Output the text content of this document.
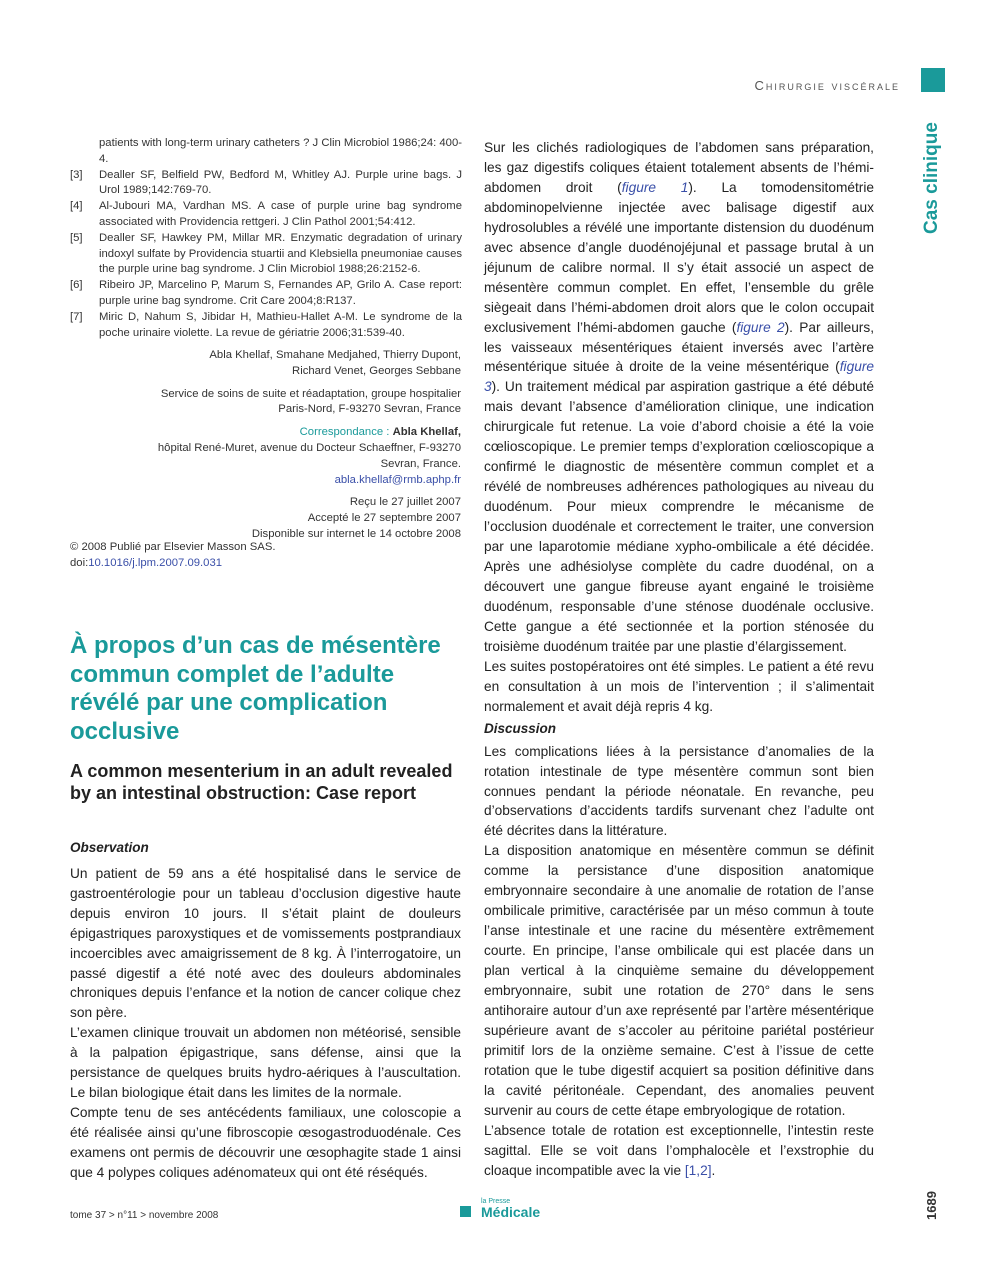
Chirurgie viscérale
Cas clinique
1689
patients with long-term urinary catheters ? J Clin Microbiol 1986;24: 400-4.
[3]	Dealler SF, Belfield PW, Bedford M, Whitley AJ. Purple urine bags. J Urol 1989;142:769-70.
[4]	Al-Jubouri MA, Vardhan MS. A case of purple urine bag syndrome associated with Providencia rettgeri. J Clin Pathol 2001;54:412.
[5]	Dealler SF, Hawkey PM, Millar MR. Enzymatic degradation of urinary indoxyl sulfate by Providencia stuartii and Klebsiella pneumoniae causes the purple urine bag syndrome. J Clin Microbiol 1988;26:2152-6.
[6]	Ribeiro JP, Marcelino P, Marum S, Fernandes AP, Grilo A. Case report: purple urine bag syndrome. Crit Care 2004;8:R137.
[7]	Miric D, Nahum S, Jibidar H, Mathieu-Hallet A-M. Le syndrome de la poche urinaire violette. La revue de gériatrie 2006;31:539-40.

Abla Khellaf, Smahane Medjahed, Thierry Dupont,
Richard Venet, Georges Sebbane

Service de soins de suite et réadaptation, groupe hospitalier
Paris-Nord, F-93270 Sevran, France

Correspondance : Abla Khellaf,
hôpital René-Muret, avenue du Docteur Schaeffner, F-93270
Sevran, France.
abla.khellaf@rmb.aphp.fr

Reçu le 27 juillet 2007
Accepté le 27 septembre 2007
Disponible sur internet le 14 octobre 2008

© 2008 Publié par Elsevier Masson SAS.
doi:10.1016/j.lpm.2007.09.031
À propos d’un cas de mésentère commun complet de l’adulte révélé par une complication occlusive
A common mesenterium in an adult revealed by an intestinal obstruction: Case report
Observation

Un patient de 59 ans a été hospitalisé dans le service de gastroentérologie pour un tableau d’occlusion digestive haute depuis environ 10 jours. Il s’était plaint de douleurs épigastriques paroxystiques et de vomissements postprandiaux incoercibles avec amaigrissement de 8 kg. À l’interrogatoire, un passé digestif a été noté avec des douleurs abdominales chroniques depuis l’enfance et la notion de cancer colique chez son père.

L’examen clinique trouvait un abdomen non météorisé, sensible à la palpation épigastrique, sans défense, ainsi que la persistance de quelques bruits hydro-aériques à l’auscultation. Le bilan biologique était dans les limites de la normale.

Compte tenu de ses antécédents familiaux, une coloscopie a été réalisée ainsi qu’une fibroscopie œsogastroduodénale. Ces examens ont permis de découvrir une œsophagite stade 1 ainsi que 4 polypes coliques adénomateux qui ont été réséqués.

Sur les clichés radiologiques de l’abdomen sans préparation, les gaz digestifs coliques étaient totalement absents de l’hémi-abdomen droit (figure 1). La tomodensitométrie abdominopelvienne injectée avec balisage digestif aux hydrosolubles a révélé une importante distension du duodénum avec absence d’angle duodénojéjunal et passage brutal à un jéjunum de calibre normal. Il s’y était associé un aspect de mésentère commun complet. En effet, l’ensemble du grêle siègeait dans l’hémi-abdomen droit alors que le colon occupait exclusivement l’hémi-abdomen gauche (figure 2). Par ailleurs, les vaisseaux mésentériques étaient inversés avec l’artère mésentérique située à droite de la veine mésentérique (figure 3). Un traitement médical par aspiration gastrique a été débuté mais devant l’absence d’amélioration clinique, une indication chirurgicale fut retenue. La voie d’abord choisie a été la voie cœlioscopique. Le premier temps d’exploration cœlioscopique a confirmé le diagnostic de mésentère commun complet et a révélé de nombreuses adhérences pathologiques au niveau du duodénum. Pour mieux comprendre le mécanisme de l’occlusion duodénale et correctement le traiter, une conversion par une laparotomie médiane xypho-ombilicale a été décidée. Après une adhésiolyse complète du cadre duodénal, on a découvert une gangue fibreuse ayant engainé le troisième duodénum, responsable d’une sténose duodénale occlusive. Cette gangue a été sectionnée et la portion sténosée du troisième duodénum traitée par une plastie d’élargissement.

Les suites postopératoires ont été simples. Le patient a été revu en consultation à un mois de l’intervention ; il s’alimentait normalement et avait déjà repris 4 kg.

Discussion

Les complications liées à la persistance d’anomalies de la rotation intestinale de type mésentère commun sont bien connues pendant la période néonatale. En revanche, peu d’observations d’accidents tardifs survenant chez l’adulte ont été décrites dans la littérature.

La disposition anatomique en mésentère commun se définit comme la persistance d’une disposition anatomique embryonnaire secondaire à une anomalie de rotation de l’anse ombilicale primitive, caractérisée par un méso commun à toute l’anse intestinale et une racine du mésentère extrêmement courte. En principe, l’anse ombilicale qui est placée dans un plan vertical à la cinquième semaine du développement embryonnaire, subit une rotation de 270° dans le sens antihoraire autour d’un axe représenté par l’artère mésentérique supérieure avant de s’accoler au péritoine pariétal postérieur primitif lors de la onzième semaine. C’est à l’issue de cette rotation que le tube digestif acquiert sa position définitive dans la cavité péritonéale. Cependant, des anomalies peuvent survenir au cours de cette étape embryologique de rotation.

L’absence totale de rotation est exceptionnelle, l’intestin reste sagittal. Elle se voit dans l’omphalocèle et l’exstrophie du cloaque incompatible avec la vie [1,2].

tome 37 > n°11 > novembre 2008
la Presse
Médicale
